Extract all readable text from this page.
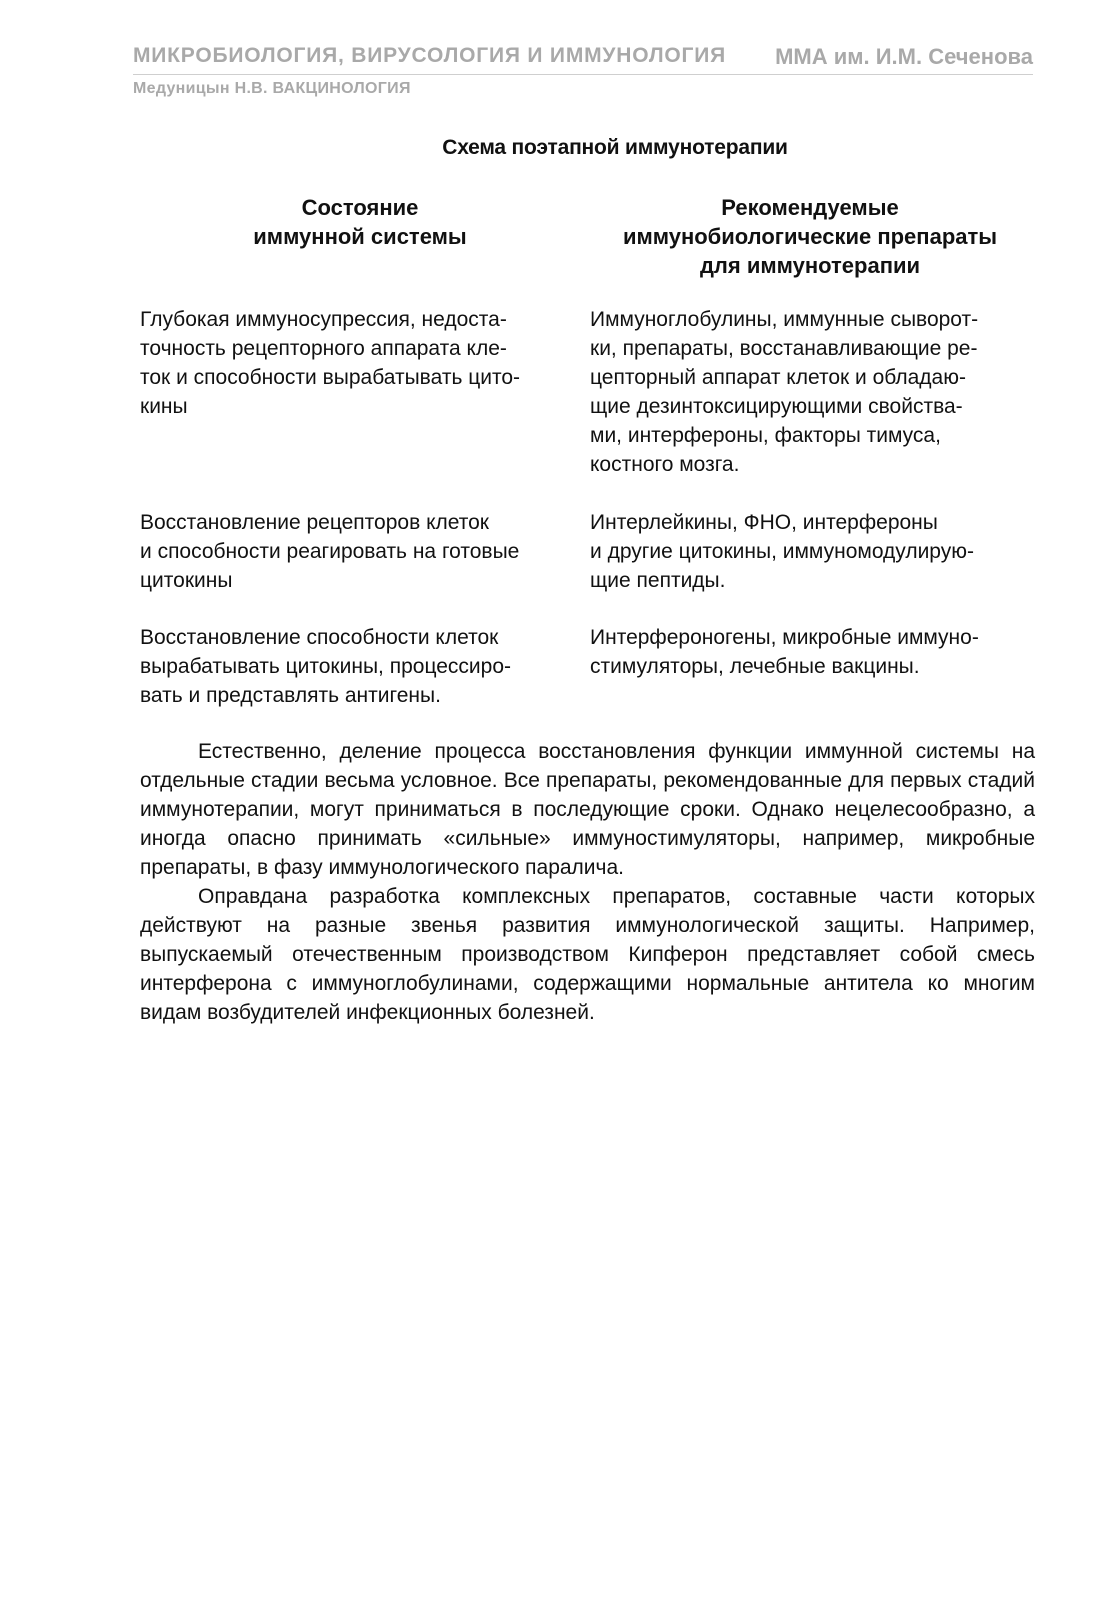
МИКРОБИОЛОГИЯ, ВИРУСОЛОГИЯ И ИММУНОЛОГИЯ ММА им. И.М. Сеченова
Медуницын Н.В. ВАКЦИНОЛОГИЯ
Схема поэтапной иммунотерапии
Состояние
иммунной системы
Рекомендуемые
иммунобиологические препараты
для иммунотерапии
Глубокая иммуносупрессия, недоста-
точность рецепторного аппарата кле-
ток и способности вырабатывать цито-
кины
Иммуноглобулины, иммунные сыворот-
ки, препараты, восстанавливающие ре-
цепторный аппарат клеток и обладаю-
щие дезинтоксицирующими свойства-
ми, интерфероны, факторы тимуса,
костного мозга.
Восстановление рецепторов клеток
и способности реагировать на готовые
цитокины
Интерлейкины, ФНО, интерфероны
и другие цитокины, иммуномодулирую-
щие пептиды.
Восстановление способности клеток
вырабатывать цитокины, процессиро-
вать и представлять антигены.
Интерфероногены, микробные иммуно-
стимуляторы, лечебные вакцины.

Естественно, деление процесса восстановления функции иммунной системы на отдельные стадии весьма условное. Все препараты, рекомендованные для первых стадий иммунотерапии, могут приниматься в последующие сроки. Однако нецелесообразно, а иногда опасно принимать «сильные» иммуностимуляторы, например, микробные препараты, в фазу иммунологического паралича.

Оправдана разработка комплексных препаратов, составные части которых действуют на разные звенья развития иммунологической защиты. Например, выпускаемый отечественным производством Кипферон представляет собой смесь интерферона с иммуноглобулинами, содержащими нормальные антитела ко многим видам возбудителей инфекционных болезней.
